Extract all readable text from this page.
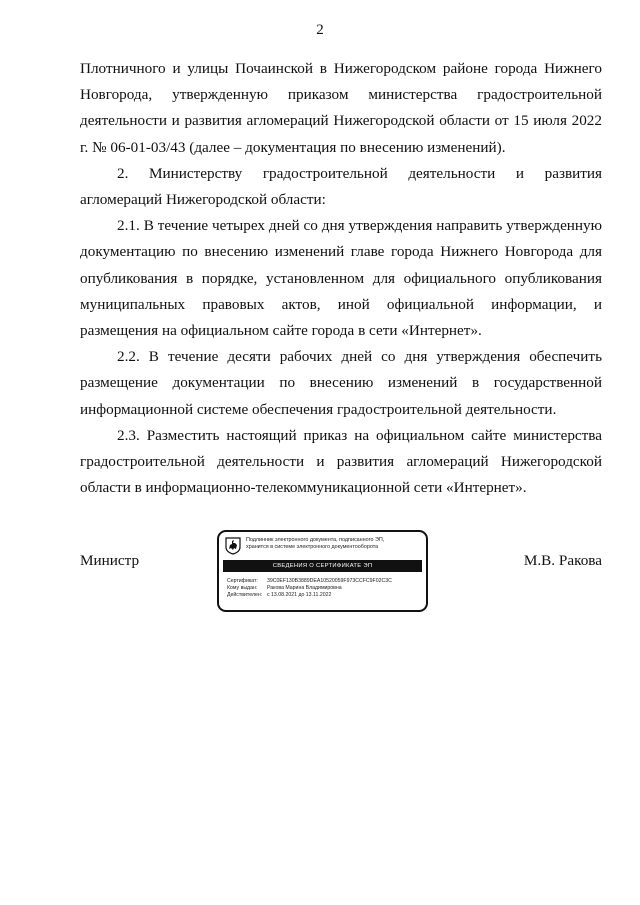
2

Плотничного и улицы Почаинской в Нижегородском районе города Нижнего Новгорода, утвержденную приказом министерства градостроительной деятельности и развития агломераций Нижегородской области от 15 июля 2022 г. № 06-01-03/43 (далее – документация по внесению изменений).

2. Министерству градостроительной деятельности и развития агломераций Нижегородской области:

2.1. В течение четырех дней со дня утверждения направить утвержденную документацию по внесению изменений главе города Нижнего Новгорода для опубликования в порядке, установленном для официального опубликования муниципальных правовых актов, иной официальной информации, и размещения на официальном сайте города в сети «Интернет».

2.2. В течение десяти рабочих дней со дня утверждения обеспечить размещение документации по внесению изменений в государственной информационной системе обеспечения градостроительной деятельности.

2.3. Разместить настоящий приказ на официальном сайте министерства градостроительной деятельности и развития агломераций Нижегородской области в информационно-телекоммуникационной сети «Интернет».

Министр	М.В. Ракова
Подлинник электронного документа, подписанного ЭП,
хранится в системе электронного документооборота
СВЕДЕНИЯ О СЕРТИФИКАТЕ ЭП
Сертификат: 39C0EF130B3889DEA10520059F973CCFC9F02C3C
Кому выдан: Ракова Марина Владимировна
Действителен: с 13.08.2021 до 13.11.2022
